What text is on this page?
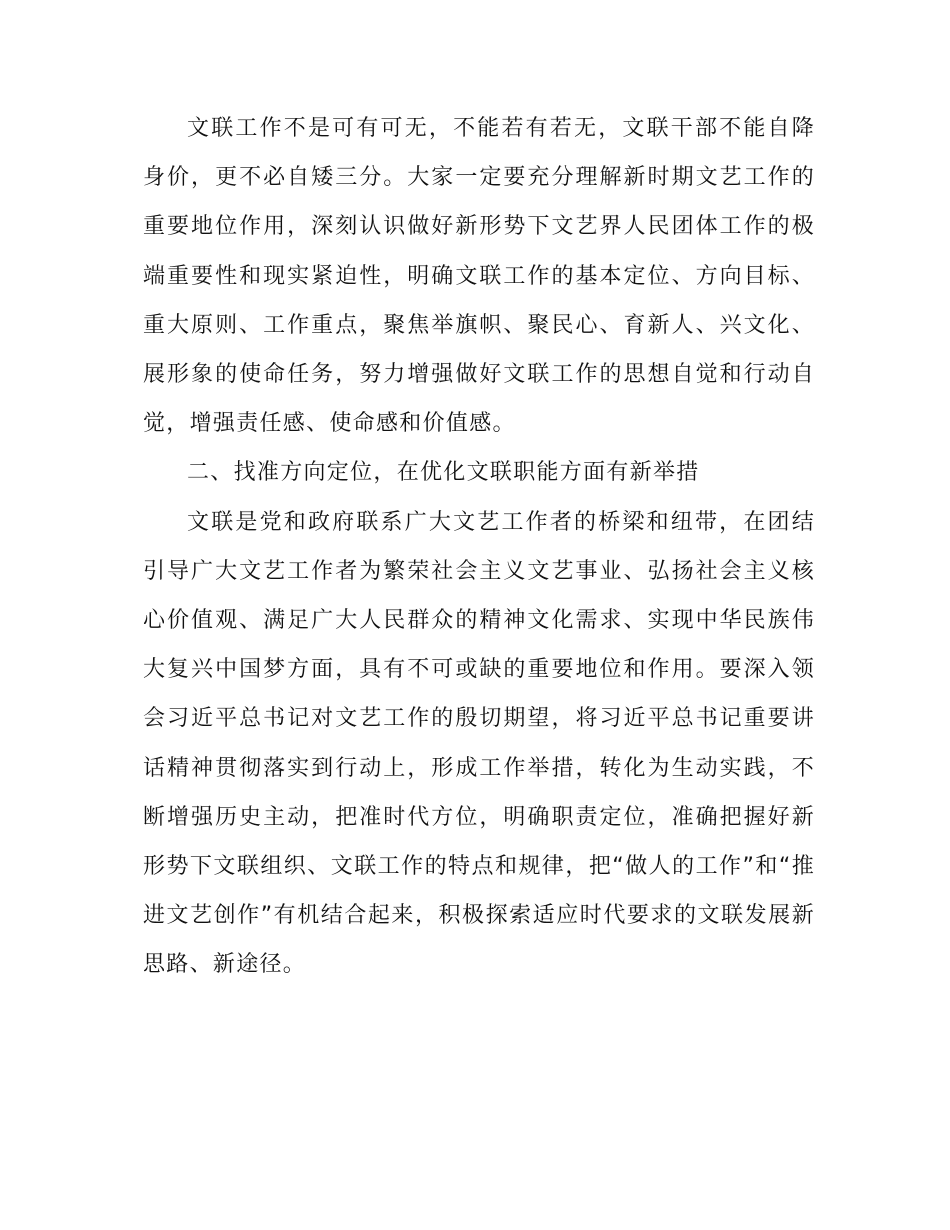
文联工作不是可有可无，不能若有若无，文联干部不能自降身价，更不必自矮三分。大家一定要充分理解新时期文艺工作的重要地位作用，深刻认识做好新形势下文艺界人民团体工作的极端重要性和现实紧迫性，明确文联工作的基本定位、方向目标、重大原则、工作重点，聚焦举旗帜、聚民心、育新人、兴文化、展形象的使命任务，努力增强做好文联工作的思想自觉和行动自觉，增强责任感、使命感和价值感。

二、找准方向定位，在优化文联职能方面有新举措

文联是党和政府联系广大文艺工作者的桥梁和纽带，在团结引导广大文艺工作者为繁荣社会主义文艺事业、弘扬社会主义核心价值观、满足广大人民群众的精神文化需求、实现中华民族伟大复兴中国梦方面，具有不可或缺的重要地位和作用。要深入领会习近平总书记对文艺工作的殷切期望，将习近平总书记重要讲话精神贯彻落实到行动上，形成工作举措，转化为生动实践，不断增强历史主动，把准时代方位，明确职责定位，准确把握好新形势下文联组织、文联工作的特点和规律，把“做人的工作”和“推进文艺创作”有机结合起来，积极探索适应时代要求的文联发展新思路、新途径。
